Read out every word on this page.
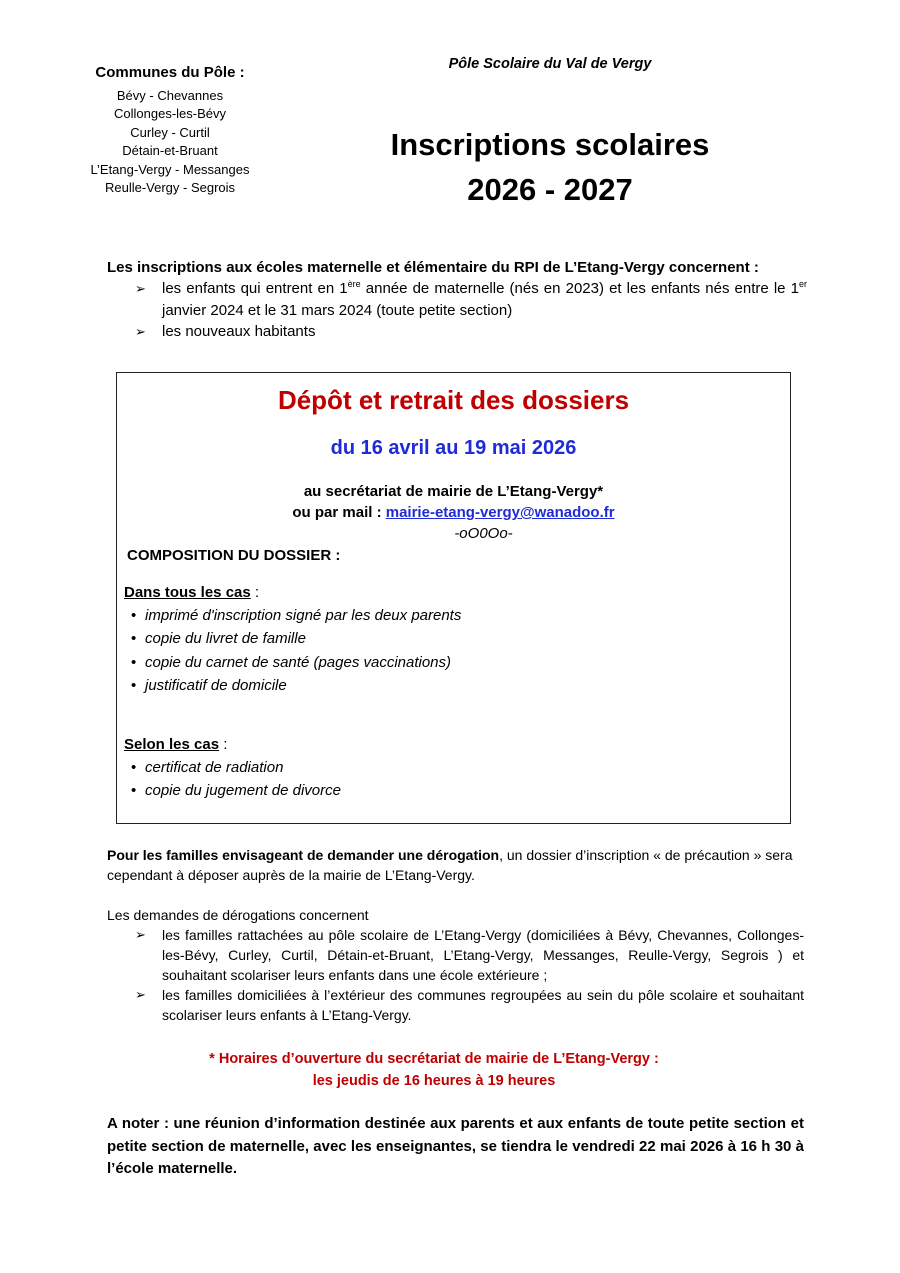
Communes du Pôle :
Bévy - Chevannes
Collonges-les-Bévy
Curley - Curtil
Détain-et-Bruant
L’Etang-Vergy - Messanges
Reulle-Vergy - Segrois
Pôle Scolaire du Val de Vergy
Inscriptions scolaires
2026 - 2027
Les inscriptions aux écoles maternelle et élémentaire du RPI de L’Etang-Vergy concernent :
➢ les enfants qui entrent en 1ère année de maternelle (nés en 2023) et les enfants nés entre le 1er janvier 2024 et le 31 mars 2024 (toute petite section)
➢ les nouveaux habitants
Dépôt et retrait des dossiers
du 16 avril au 19 mai 2026
au secrétariat de mairie de L’Etang-Vergy*
ou par mail : mairie-etang-vergy@wanadoo.fr
-oO0Oo-
COMPOSITION DU DOSSIER :
Dans tous les cas :
• imprimé d'inscription signé par les deux parents
• copie du livret de famille
• copie du carnet de santé (pages vaccinations)
• justificatif de domicile
Selon les cas :
• certificat de radiation
• copie du jugement de divorce
Pour les familles envisageant de demander une dérogation, un dossier d’inscription « de précaution » sera cependant à déposer auprès de la mairie de L’Etang-Vergy.
Les demandes de dérogations concernent
➢ les familles rattachées au pôle scolaire de L’Etang-Vergy (domiciliées à Bévy, Chevannes, Collonges-les-Bévy, Curley, Curtil, Détain-et-Bruant, L’Etang-Vergy, Messanges, Reulle-Vergy, Segrois ) et souhaitant scolariser leurs enfants dans une école extérieure ;
➢ les familles domiciliées à l’extérieur des communes regroupées au sein du pôle scolaire et souhaitant scolariser leurs enfants à L’Etang-Vergy.
* Horaires d’ouverture du secrétariat de mairie de L’Etang-Vergy :
les jeudis de 16 heures à 19 heures
A noter : une réunion d’information destinée aux parents et aux enfants de toute petite section et petite section de maternelle, avec les enseignantes, se tiendra le vendredi 22 mai 2026 à 16 h 30 à l’école maternelle.
